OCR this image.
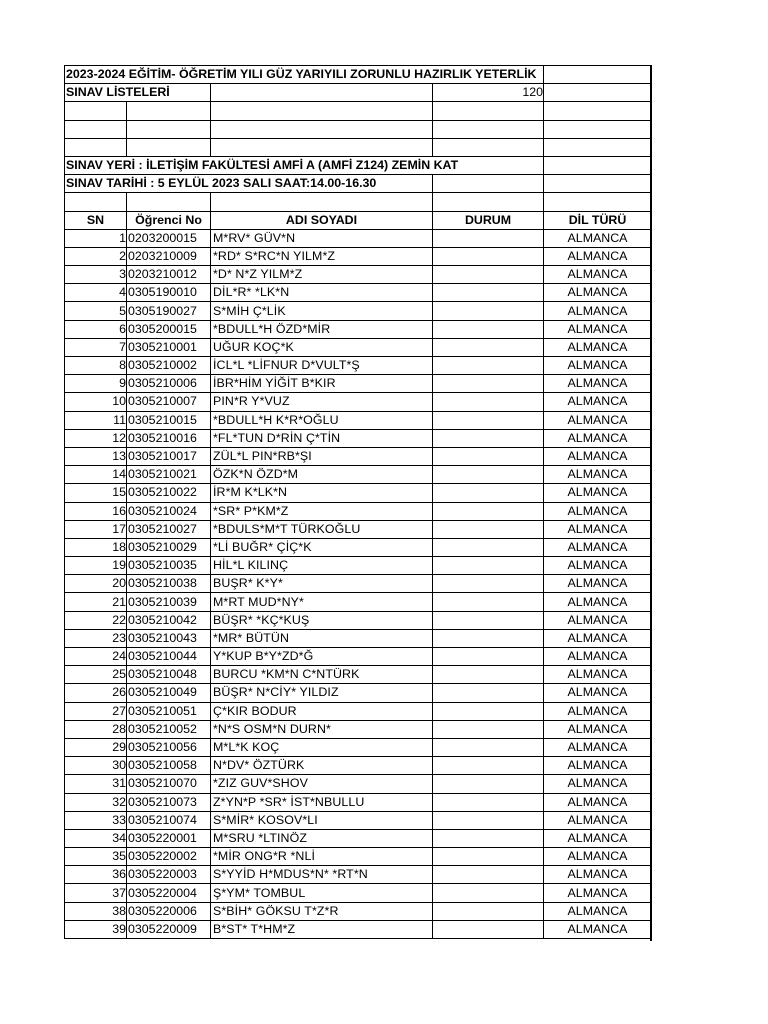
2023-2024 EĞİTİM- ÖĞRETİM YILI GÜZ YARIYILI ZORUNLU HAZIRLIK YETERLİK				

SINAV LİSTELERİ			120	

SINAV YERİ : İLETİŞİM FAKÜLTESİ AMFİ A (AMFİ Z124) ZEMİN KAT				

SINAV TARİHİ : 5 EYLÜL 2023 SALI SAAT:14.00-16.30				

SN	Öğrenci No	ADI SOYADI	DURUM	DİL TÜRÜ
1	0203200015	M*RV* GÜV*N		ALMANCA
2	0203210009	*RD* S*RC*N YILM*Z		ALMANCA
3	0203210012	*D* N*Z YILM*Z		ALMANCA
4	0305190010	DİL*R* *LK*N		ALMANCA
5	0305190027	S*MİH Ç*LİK		ALMANCA
6	0305200015	*BDULL*H ÖZD*MİR		ALMANCA
7	0305210001	UĞUR KOÇ*K		ALMANCA
8	0305210002	İCL*L *LİFNUR D*VULT*Ş		ALMANCA
9	0305210006	İBR*HİM YİĞİT B*KIR		ALMANCA
10	0305210007	PIN*R Y*VUZ		ALMANCA
11	0305210015	*BDULL*H K*R*OĞLU		ALMANCA
12	0305210016	*FL*TUN D*RİN Ç*TİN		ALMANCA
13	0305210017	ZÜL*L PIN*RB*ŞI		ALMANCA
14	0305210021	ÖZK*N ÖZD*M		ALMANCA
15	0305210022	İR*M K*LK*N		ALMANCA
16	0305210024	*SR* P*KM*Z		ALMANCA
17	0305210027	*BDULS*M*T TÜRKOĞLU		ALMANCA
18	0305210029	*Lİ BUĞR* ÇİÇ*K		ALMANCA
19	0305210035	HİL*L KILINÇ		ALMANCA
20	0305210038	BUŞR* K*Y*		ALMANCA
21	0305210039	M*RT MUD*NY*		ALMANCA
22	0305210042	BÜŞR* *KÇ*KUŞ		ALMANCA
23	0305210043	*MR* BÜTÜN		ALMANCA
24	0305210044	Y*KUP B*Y*ZD*Ğ		ALMANCA
25	0305210048	BURCU *KM*N C*NTÜRK		ALMANCA
26	0305210049	BÜŞR* N*CİY* YILDIZ		ALMANCA
27	0305210051	Ç*KIR BODUR		ALMANCA
28	0305210052	*N*S OSM*N DURN*		ALMANCA
29	0305210056	M*L*K KOÇ		ALMANCA
30	0305210058	N*DV* ÖZTÜRK		ALMANCA
31	0305210070	*ZIZ GUV*SHOV		ALMANCA
32	0305210073	Z*YN*P *SR* İST*NBULLU		ALMANCA
33	0305210074	S*MİR* KOSOV*LI		ALMANCA
34	0305220001	M*SRU *LTINÖZ		ALMANCA
35	0305220002	*MİR ONG*R *NLİ		ALMANCA
36	0305220003	S*YYİD H*MDUS*N* *RT*N		ALMANCA
37	0305220004	Ş*YM* TOMBUL		ALMANCA
38	0305220006	S*BİH* GÖKSU T*Z*R		ALMANCA
39	0305220009	B*ST* T*HM*Z		ALMANCA
